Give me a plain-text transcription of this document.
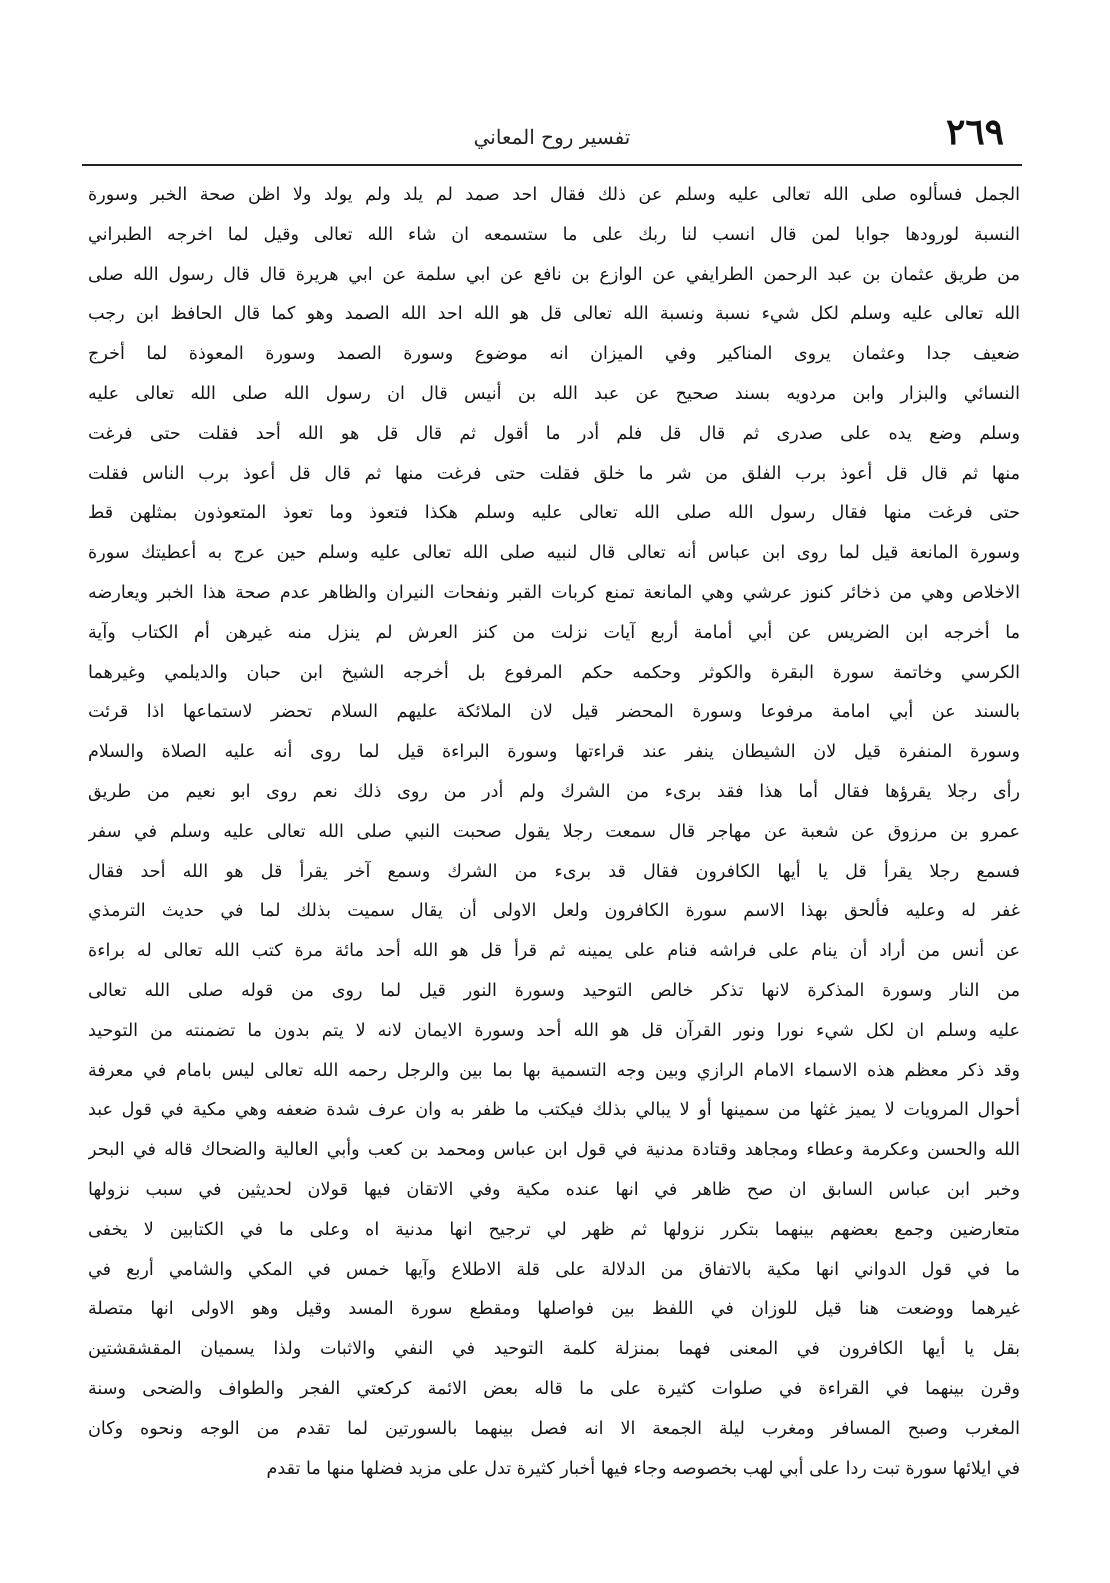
٢٦٩
تفسير روح المعاني
الجمل فسألوه صلى الله تعالى عليه وسلم عن ذلك فقال احد صمد لم يلد ولم يولد ولا اظن صحة الخبر وسورة
النسبة لورودها جوابا لمن قال انسب لنا ربك على ما ستسمعه ان شاء الله تعالى وقيل لما اخرجه الطبراني
من طريق عثمان بن عبد الرحمن الطرايفي عن الوازع بن نافع عن ابي سلمة عن ابي هريرة قال قال رسول الله صلى
الله تعالى عليه وسلم لكل شيء نسبة ونسبة الله تعالى قل هو الله احد الله الصمد وهو كما قال الحافظ ابن رجب
ضعيف جدا وعثمان يروى المناكير وفي الميزان انه موضوع وسورة الصمد وسورة المعوذة لما أخرج
النسائي والبزار وابن مردويه بسند صحيح عن عبد الله بن أنيس قال ان رسول الله صلى الله تعالى عليه
وسلم وضع يده على صدرى ثم قال قل فلم أدر ما أقول ثم قال قل هو الله أحد فقلت حتى فرغت
منها ثم قال قل أعوذ برب الفلق من شر ما خلق فقلت حتى فرغت منها ثم قال قل أعوذ برب الناس فقلت
حتى فرغت منها فقال رسول الله صلى الله تعالى عليه وسلم هكذا فتعوذ وما تعوذ المتعوذون بمثلهن قط
وسورة المانعة قيل لما روى ابن عباس أنه تعالى قال لنبيه صلى الله تعالى عليه وسلم حين عرج به أعطيتك سورة
الاخلاص وهي من ذخائر كنوز عرشي وهي المانعة تمنع كربات القبر ونفحات النيران والظاهر عدم صحة هذا الخبر ويعارضه
ما أخرجه ابن الضريس عن أبي أمامة أربع آيات نزلت من كنز العرش لم ينزل منه غيرهن أم الكتاب وآية
الكرسي وخاتمة سورة البقرة والكوثر وحكمه حكم المرفوع بل أخرجه الشيخ ابن حبان والديلمي وغيرهما
بالسند عن أبي امامة مرفوعا وسورة المحضر قيل لان الملائكة عليهم السلام تحضر لاستماعها اذا قرئت
وسورة المنفرة قيل لان الشيطان ينفر عند قراءتها وسورة البراءة قيل لما روى أنه عليه الصلاة والسلام
رأى رجلا يقرؤها فقال أما هذا فقد برىء من الشرك ولم أدر من روى ذلك نعم روى ابو نعيم من طريق
عمرو بن مرزوق عن شعبة عن مهاجر قال سمعت رجلا يقول صحبت النبي صلى الله تعالى عليه وسلم في سفر
فسمع رجلا يقرأ قل يا أيها الكافرون فقال قد برىء من الشرك وسمع آخر يقرأ قل هو الله أحد فقال
غفر له وعليه فألحق بهذا الاسم سورة الكافرون ولعل الاولى أن يقال سميت بذلك لما في حديث الترمذي
عن أنس من أراد أن ينام على فراشه فنام على يمينه ثم قرأ قل هو الله أحد مائة مرة كتب الله تعالى له براءة
من النار وسورة المذكرة لانها تذكر خالص التوحيد وسورة النور قيل لما روى من قوله صلى الله تعالى
عليه وسلم ان لكل شيء نورا ونور القرآن قل هو الله أحد وسورة الايمان لانه لا يتم بدون ما تضمنته من التوحيد
وقد ذكر معظم هذه الاسماء الامام الرازي وبين وجه التسمية بها بما بين والرجل رحمه الله تعالى ليس بامام في معرفة
أحوال المرويات لا يميز غثها من سمينها أو لا يبالي بذلك فيكتب ما ظفر به وان عرف شدة ضعفه وهي مكية في قول عبد
الله والحسن وعكرمة وعطاء ومجاهد وقتادة مدنية في قول ابن عباس ومحمد بن كعب وأبي العالية والضحاك قاله في البحر
وخبر ابن عباس السابق ان صح ظاهر في انها عنده مكية وفي الاتقان فيها قولان لحديثين في سبب نزولها
متعارضين وجمع بعضهم بينهما بتكرر نزولها ثم ظهر لي ترجيح انها مدنية اه وعلى ما في الكتابين لا يخفى
ما في قول الدواني انها مكية بالاتفاق من الدلالة على قلة الاطلاع وآيها خمس في المكي والشامي أربع في
غيرهما ووضعت هنا قيل للوزان في اللفظ بين فواصلها ومقطع سورة المسد وقيل وهو الاولى انها متصلة
بقل يا أيها الكافرون في المعنى فهما بمنزلة كلمة التوحيد في النفي والاثبات ولذا يسميان المقشقشتين
وقرن بينهما في القراءة في صلوات كثيرة على ما قاله بعض الائمة كركعتي الفجر والطواف والضحى وسنة
المغرب وصبح المسافر ومغرب ليلة الجمعة الا انه فصل بينهما بالسورتين لما تقدم من الوجه ونحوه وكان
في ايلائها سورة تبت ردا على أبي لهب بخصوصه وجاء فيها أخبار كثيرة تدل على مزيد فضلها منها ما تقدم
